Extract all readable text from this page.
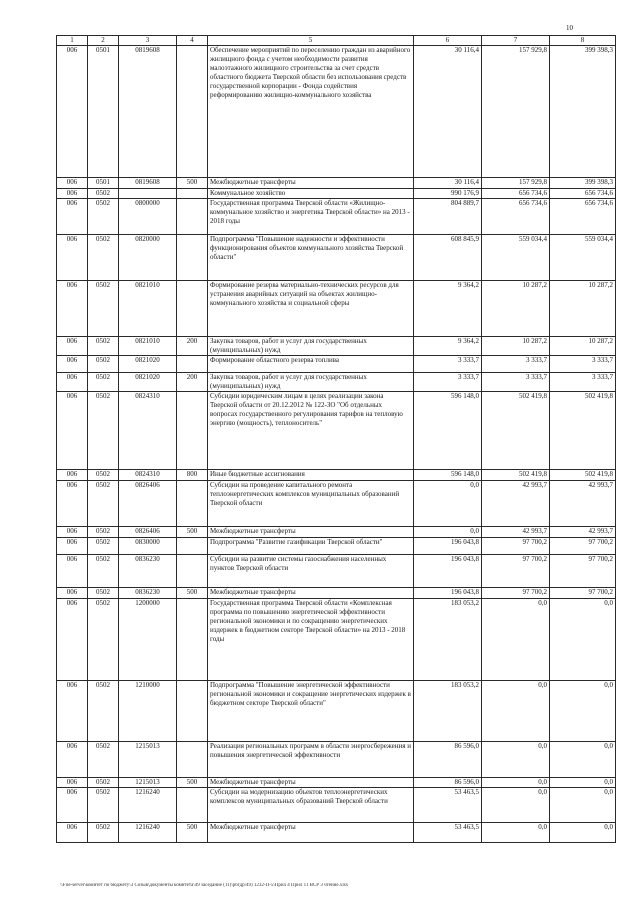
10
1	2	3	4	5	6	7	8
006	0501	0819608		Обеспечение мероприятий по переселению граждан из аварийного жилищного фонда с учетом необходимости развития малоэтажного жилищного строительства за счет средств областного бюджета Тверской области без использования средств государственной корпорации - Фонда содействия реформированию жилищно-коммунального хозяйства	30 116,4	157 929,8	399 398,3
006	0501	0819608	500	Межбюджетные трансферты	30 116,4	157 929,8	399 398,3
006	0502			Коммунальное хозяйство	990 176,9	656 734,6	656 734,6
006	0502	0800000		Государственная программа Тверской области «Жилищно-коммунальное хозяйство и энергетика Тверской области» на 2013 - 2018 годы	804 889,7	656 734,6	656 734,6
006	0502	0820000		Подпрограмма "Повышение надежности и эффективности функционирования объектов коммунального хозяйства Тверской области"	608 845,9	559 034,4	559 034,4
006	0502	0821010		Формирование резерва материально-технических ресурсов для устранения аварийных ситуаций на объектах жилищно-коммунального хозяйства и социальной сферы	9 364,2	10 287,2	10 287,2
006	0502	0821010	200	Закупка товаров, работ и услуг для государственных (муниципальных) нужд	9 364,2	10 287,2	10 287,2
006	0502	0821020		Формирование областного резерва топлива	3 333,7	3 333,7	3 333,7
006	0502	0821020	200	Закупка товаров, работ и услуг для государственных (муниципальных) нужд	3 333,7	3 333,7	3 333,7
006	0502	0824310		Субсидии юридическим лицам в целях реализации закона Тверской области от 20.12.2012 № 122-ЗО "Об отдельных вопросах государственного регулирования тарифов на тепловую энергию (мощность), теплоноситель"	596 148,0	502 419,8	502 419,8
006	0502	0824310	800	Иные бюджетные ассигнования	596 148,0	502 419,8	502 419,8
006	0502	0826406		Субсидии на проведение капитального ремонта теплоэнергетических комплексов муниципальных образований Тверской области	0,0	42 993,7	42 993,7
006	0502	0826406	500	Межбюджетные трансферты	0,0	42 993,7	42 993,7
006	0502	0830000		Подпрограмма "Развитие газификации Тверской области"	196 043,8	97 700,2	97 700,2
006	0502	0836230		Субсидии на развитие системы газоснабжения населенных пунктов Тверской области	196 043,8	97 700,2	97 700,2
006	0502	0836230	500	Межбюджетные трансферты	196 043,8	97 700,2	97 700,2
006	0502	1200000		Государственная программа Тверской области «Комплексная программа по повышению энергетической эффективности региональной экономики и по сокращению энергетических издержек в бюджетном секторе Тверской области» на 2013 - 2018 годы	183 053,2	0,0	0,0
006	0502	1210000		Подпрограмма "Повышение энергетической эффективности региональной экономики и сокращение энергетических издержек в бюджетном секторе Тверской области"	183 053,2	0,0	0,0
006	0502	1215013		Реализация региональных программ в области энергосбережения и повышения энергетической эффективности	86 596,0	0,0	0,0
006	0502	1215013	500	Межбюджетные трансферты	86 596,0	0,0	0,0
006	0502	1216240		Субсидии на модернизацию объектов теплоэнергетических комплексов муниципальных образований Тверской области	53 463,5	0,0	0,0
006	0502	1216240	500	Межбюджетные трансферты	53 463,5	0,0	0,0
\\File-server\комитет по бюджету\3 Созыв\документы комитета\49 заседание (11)\рбгдр\49) 1232-П-5\Прил 4 Прил 11 ВСР 3 чтение.xlsx
